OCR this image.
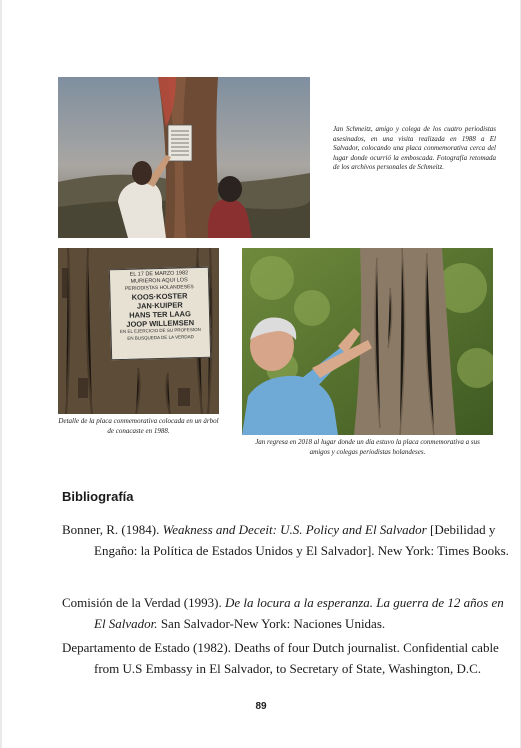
Jan Schmeitz, amigo y colega de los cuatro periodistas asesinados, en una visita realizada en 1988 a El Salvador, colocando una placa conmemorativa cerca del lugar donde ocurrió la emboscada. Fotografía retomada de los archivos personales de Schmeitz.
EL 17 DE MARZO 1982
MURIERON AQUI LOS
PERIODISTAS HOLANDESES
KOOS·KOSTER
JAN·KUIPER
HANS TER LAAG
JOOP WILLEMSEN
EN EL EJERCICIO DE SU PROFESION
EN BUSQUEDA DE LA VERDAD
Detalle de la placa conmemorativa colocada en un árbol de conacaste en 1988.
Jan regresa en 2018 al lugar donde un día estuvo la placa conmemorativa a sus amigos y colegas periodistas holandeses.
Bibliografía
Bonner, R. (1984). Weakness and Deceit: U.S. Policy and El Salvador [Debilidad y Engaño: la Política de Estados Unidos y El Salvador]. New York: Times Books.
Comisión de la Verdad (1993). De la locura a la esperanza. La guerra de 12 años en El Salvador. San Salvador-New York: Naciones Unidas.
Departamento de Estado (1982). Deaths of four Dutch journalist. Confidential cable from U.S Embassy in El Salvador, to Secretary of State, Washington, D.C.
89
